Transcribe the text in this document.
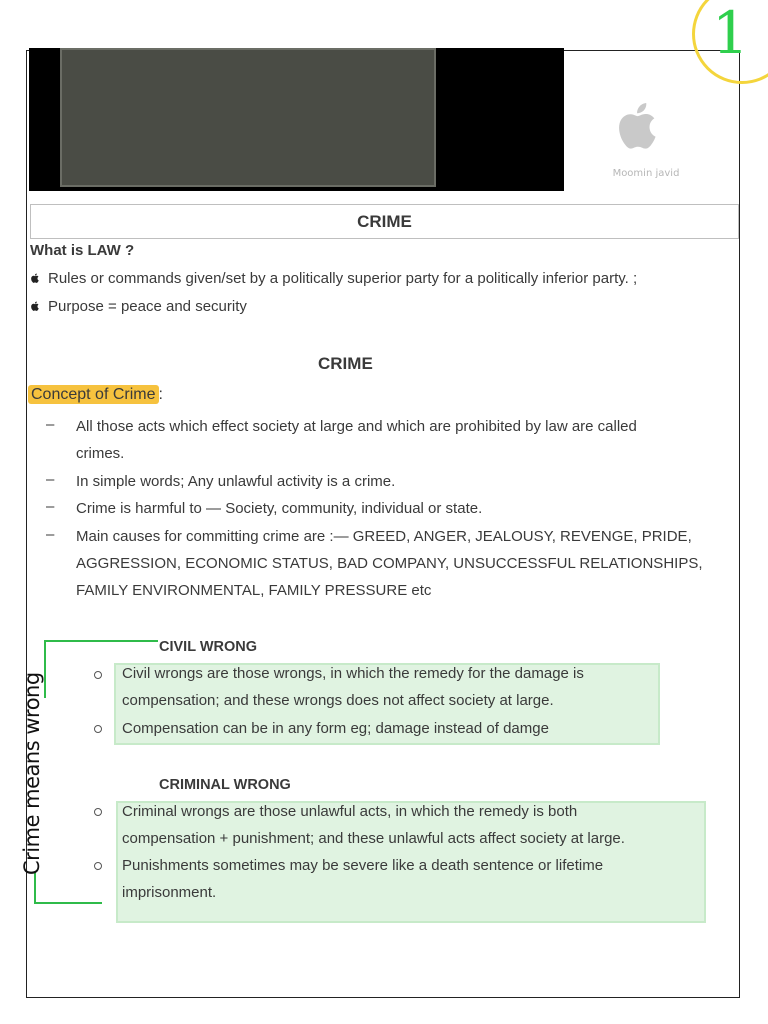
1
Moomin javid
CRIME
What is LAW ?
Rules or commands given/set by a politically superior party for a politically inferior party. ;
Purpose = peace and security
CRIME
Concept of Crime :
– All those acts which effect society at large and which are prohibited by law are called
crimes.
– In simple words; Any unlawful activity is a crime.
– Crime is harmful to — Society, community, individual or state.
– Main causes for committing crime are :— GREED, ANGER, JEALOUSY, REVENGE, PRIDE,
AGGRESSION, ECONOMIC STATUS, BAD COMPANY, UNSUCCESSFUL RELATIONSHIPS,
FAMILY ENVIRONMENTAL, FAMILY PRESSURE etc
Crime means wrong
CIVIL WRONG
Civil wrongs are those wrongs, in which the remedy for the damage is
compensation; and these wrongs does not affect society at large.
Compensation can be in any form eg; damage instead of damge
CRIMINAL WRONG
Criminal wrongs are those unlawful acts, in which the remedy is both
compensation + punishment; and these unlawful acts affect society at large.
Punishments sometimes may be severe like a death sentence or lifetime
imprisonment.
